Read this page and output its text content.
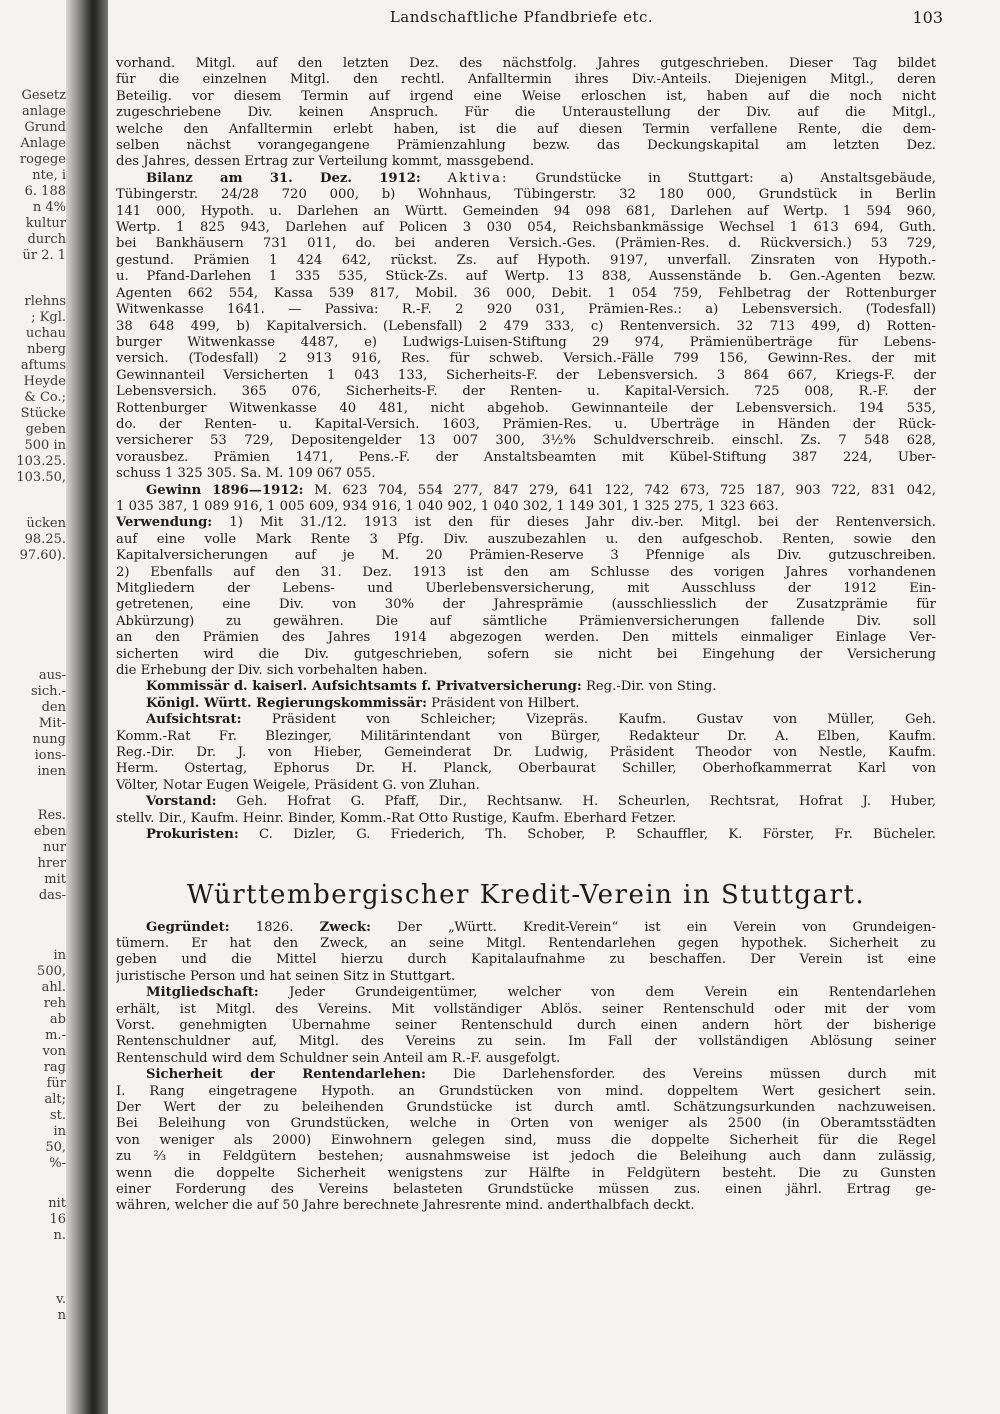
Gesetz
anlage
Grund
Anlage
rogege
nte, i
6. 188
n 4%
kultur
durch
ür 2. 1
rlehns
; Kgl.
uchau
nberg
aftums
Heyde
& Co.;
Stücke
geben
500 in
103.25.
103.50,
ücken
98.25.
97.60).
aus-
sich.-
den
Mit-
nung
ions-
inen
Res.
eben
nur
hrer
mit
das-
in
500,
ahl.
reh
ab
m.-
von
rag
für
alt;
st.
in
50,
%-
nit
16
n.
v.
n
Landschaftliche Pfandbriefe etc.	103
vorhand. Mitgl. auf den letzten Dez. des nächstfolg. Jahres gutgeschrieben. Dieser Tag bildet
für die einzelnen Mitgl. den rechtl. Anfalltermin ihres Div.-Anteils. Diejenigen Mitgl., deren
Beteilig. vor diesem Termin auf irgend eine Weise erloschen ist, haben auf die noch nicht
zugeschriebene Div. keinen Anspruch. Für die Unteraustellung der Div. auf die Mitgl.,
welche den Anfalltermin erlebt haben, ist die auf diesen Termin verfallene Rente, die dem-
selben nächst vorangegangene Prämienzahlung bezw. das Deckungskapital am letzten Dez.
des Jahres, dessen Ertrag zur Verteilung kommt, massgebend.
Bilanz am 31. Dez. 1912: Aktiva: Grundstücke in Stuttgart: a) Anstaltsgebäude,
Tübingerstr. 24/28 720 000, b) Wohnhaus, Tübingerstr. 32 180 000, Grundstück in Berlin
141 000, Hypoth. u. Darlehen an Württ. Gemeinden 94 098 681, Darlehen auf Wertp. 1 594 960,
Wertp. 1 825 943, Darlehen auf Policen 3 030 054, Reichsbankmässige Wechsel 1 613 694, Guth.
bei Bankhäusern 731 011, do. bei anderen Versich.-Ges. (Prämien-Res. d. Rückversich.) 53 729,
gestund. Prämien 1 424 642, rückst. Zs. auf Hypoth. 9197, unverfall. Zinsraten von Hypoth.-
u. Pfand-Darlehen 1 335 535, Stück-Zs. auf Wertp. 13 838, Aussenstände b. Gen.-Agenten bezw.
Agenten 662 554, Kassa 539 817, Mobil. 36 000, Debit. 1 054 759, Fehlbetrag der Rottenburger
Witwenkasse 1641. — Passiva: R.-F. 2 920 031, Prämien-Res.: a) Lebensversich. (Todesfall)
38 648 499, b) Kapitalversich. (Lebensfall) 2 479 333, c) Rentenversich. 32 713 499, d) Rotten-
burger Witwenkasse 4487, e) Ludwigs-Luisen-Stiftung 29 974, Prämienüberträge für Lebens-
versich. (Todesfall) 2 913 916, Res. für schweb. Versich.-Fälle 799 156, Gewinn-Res. der mit
Gewinnanteil Versicherten 1 043 133, Sicherheits-F. der Lebensversich. 3 864 667, Kriegs-F. der
Lebensversich. 365 076, Sicherheits-F. der Renten- u. Kapital-Versich. 725 008, R.-F. der
Rottenburger Witwenkasse 40 481, nicht abgehob. Gewinnanteile der Lebensversich. 194 535,
do. der Renten- u. Kapital-Versich. 1603, Prämien-Res. u. Überträge in Händen der Rück-
versicherer 53 729, Depositengelder 13 007 300, 3½% Schuldverschreib. einschl. Zs. 7 548 628,
vorausbez. Prämien 1471, Pens.-F. der Anstaltsbeamten mit Kübel-Stiftung 387 224, Über-
schuss 1 325 305. Sa. M. 109 067 055.
Gewinn 1896—1912: M. 623 704, 554 277, 847 279, 641 122, 742 673, 725 187, 903 722, 831 042,
1 035 387, 1 089 916, 1 005 609, 934 916, 1 040 902, 1 040 302, 1 149 301, 1 325 275, 1 323 663.
Verwendung: 1) Mit 31./12. 1913 ist den für dieses Jahr div.-ber. Mitgl. bei der Rentenversich.
auf eine volle Mark Rente 3 Pfg. Div. auszubezahlen u. den aufgeschob. Renten, sowie den
Kapitalversicherungen auf je M. 20 Prämien-Reserve 3 Pfennige als Div. gutzuschreiben.
2) Ebenfalls auf den 31. Dez. 1913 ist den am Schlusse des vorigen Jahres vorhandenen
Mitgliedern der Lebens- und Überlebensversicherung, mit Ausschluss der 1912 Ein-
getretenen, eine Div. von 30% der Jahresprämie (ausschliesslich der Zusatzprämie für
Abkürzung) zu gewähren. Die auf sämtliche Prämienversicherungen fallende Div. soll
an den Prämien des Jahres 1914 abgezogen werden. Den mittels einmaliger Einlage Ver-
sicherten wird die Div. gutgeschrieben, sofern sie nicht bei Eingehung der Versicherung
die Erhebung der Div. sich vorbehalten haben.
Kommissär d. kaiserl. Aufsichtsamts f. Privatversicherung: Reg.-Dir. von Sting.
Königl. Württ. Regierungskommissär: Präsident von Hilbert.
Aufsichtsrat: Präsident von Schleicher; Vizepräs. Kaufm. Gustav von Müller, Geh.
Komm.-Rat Fr. Blezinger, Militärintendant von Bürger, Redakteur Dr. A. Elben, Kaufm.
Reg.-Dir. Dr. J. von Hieber, Gemeinderat Dr. Ludwig, Präsident Theodor von Nestle, Kaufm.
Herm. Ostertag, Ephorus Dr. H. Planck, Oberbaurat Schiller, Oberhofkammerrat Karl von
Völter, Notar Eugen Weigele, Präsident G. von Zluhan.
Vorstand: Geh. Hofrat G. Pfaff, Dir., Rechtsanw. H. Scheurlen, Rechtsrat, Hofrat J. Huber,
stellv. Dir., Kaufm. Heinr. Binder, Komm.-Rat Otto Rustige, Kaufm. Eberhard Fetzer.
Prokuristen: C. Dizler, G. Friederich, Th. Schober, P. Schauffler, K. Förster, Fr. Bücheler.
Württembergischer Kredit-Verein in Stuttgart.
Gegründet: 1826. Zweck: Der „Württ. Kredit-Verein“ ist ein Verein von Grundeigen-
tümern. Er hat den Zweck, an seine Mitgl. Rentendarlehen gegen hypothek. Sicherheit zu
geben und die Mittel hierzu durch Kapitalaufnahme zu beschaffen. Der Verein ist eine
juristische Person und hat seinen Sitz in Stuttgart.
Mitgliedschaft: Jeder Grundeigentümer, welcher von dem Verein ein Rentendarlehen
erhält, ist Mitgl. des Vereins. Mit vollständiger Ablös. seiner Rentenschuld oder mit der vom
Vorst. genehmigten Übernahme seiner Rentenschuld durch einen andern hört der bisherige
Rentenschuldner auf, Mitgl. des Vereins zu sein. Im Fall der vollständigen Ablösung seiner
Rentenschuld wird dem Schuldner sein Anteil am R.-F. ausgefolgt.
Sicherheit der Rentendarlehen: Die Darlehensforder. des Vereins müssen durch mit
I. Rang eingetragene Hypoth. an Grundstücken von mind. doppeltem Wert gesichert sein.
Der Wert der zu beleihenden Grundstücke ist durch amtl. Schätzungsurkunden nachzuweisen.
Bei Beleihung von Grundstücken, welche in Orten von weniger als 2500 (in Oberamtsstädten
von weniger als 2000) Einwohnern gelegen sind, muss die doppelte Sicherheit für die Regel
zu ⅔ in Feldgütern bestehen; ausnahmsweise ist jedoch die Beleihung auch dann zulässig,
wenn die doppelte Sicherheit wenigstens zur Hälfte in Feldgütern besteht. Die zu Gunsten
einer Forderung des Vereins belasteten Grundstücke müssen zus. einen jährl. Ertrag ge-
währen, welcher die auf 50 Jahre berechnete Jahresrente mind. anderthalbfach deckt.
